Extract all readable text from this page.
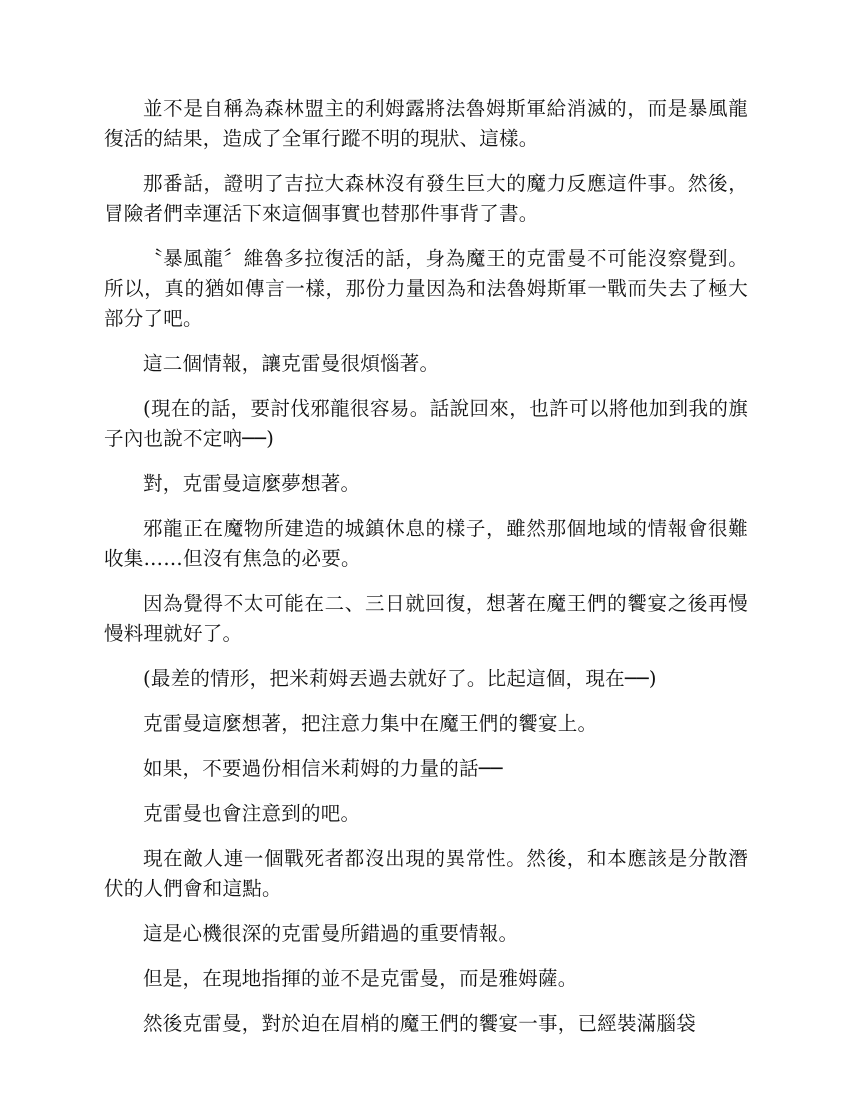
並不是自稱為森林盟主的利姆露將法魯姆斯軍給消滅的，而是暴風龍復活的結果，造成了全軍行蹤不明的現狀、這樣。

那番話，證明了吉拉大森林沒有發生巨大的魔力反應這件事。然後，冒險者們幸運活下來這個事實也替那件事背了書。

〝暴風龍〞維魯多拉復活的話，身為魔王的克雷曼不可能沒察覺到。所以，真的猶如傳言一樣，那份力量因為和法魯姆斯軍一戰而失去了極大部分了吧。

這二個情報，讓克雷曼很煩惱著。

(現在的話，要討伐邪龍很容易。話說回來，也許可以將他加到我的旗子內也說不定吶──)

對，克雷曼這麼夢想著。

邪龍正在魔物所建造的城鎮休息的樣子，雖然那個地域的情報會很難收集……但沒有焦急的必要。

因為覺得不太可能在二、三日就回復，想著在魔王們的饗宴之後再慢慢料理就好了。

(最差的情形，把米莉姆丟過去就好了。比起這個，現在──)

克雷曼這麼想著，把注意力集中在魔王們的饗宴上。

如果，不要過份相信米莉姆的力量的話──

克雷曼也會注意到的吧。

現在敵人連一個戰死者都沒出現的異常性。然後，和本應該是分散潛伏的人們會和這點。

這是心機很深的克雷曼所錯過的重要情報。

但是，在現地指揮的並不是克雷曼，而是雅姆薩。

然後克雷曼，對於迫在眉梢的魔王們的饗宴一事，已經裝滿腦袋
